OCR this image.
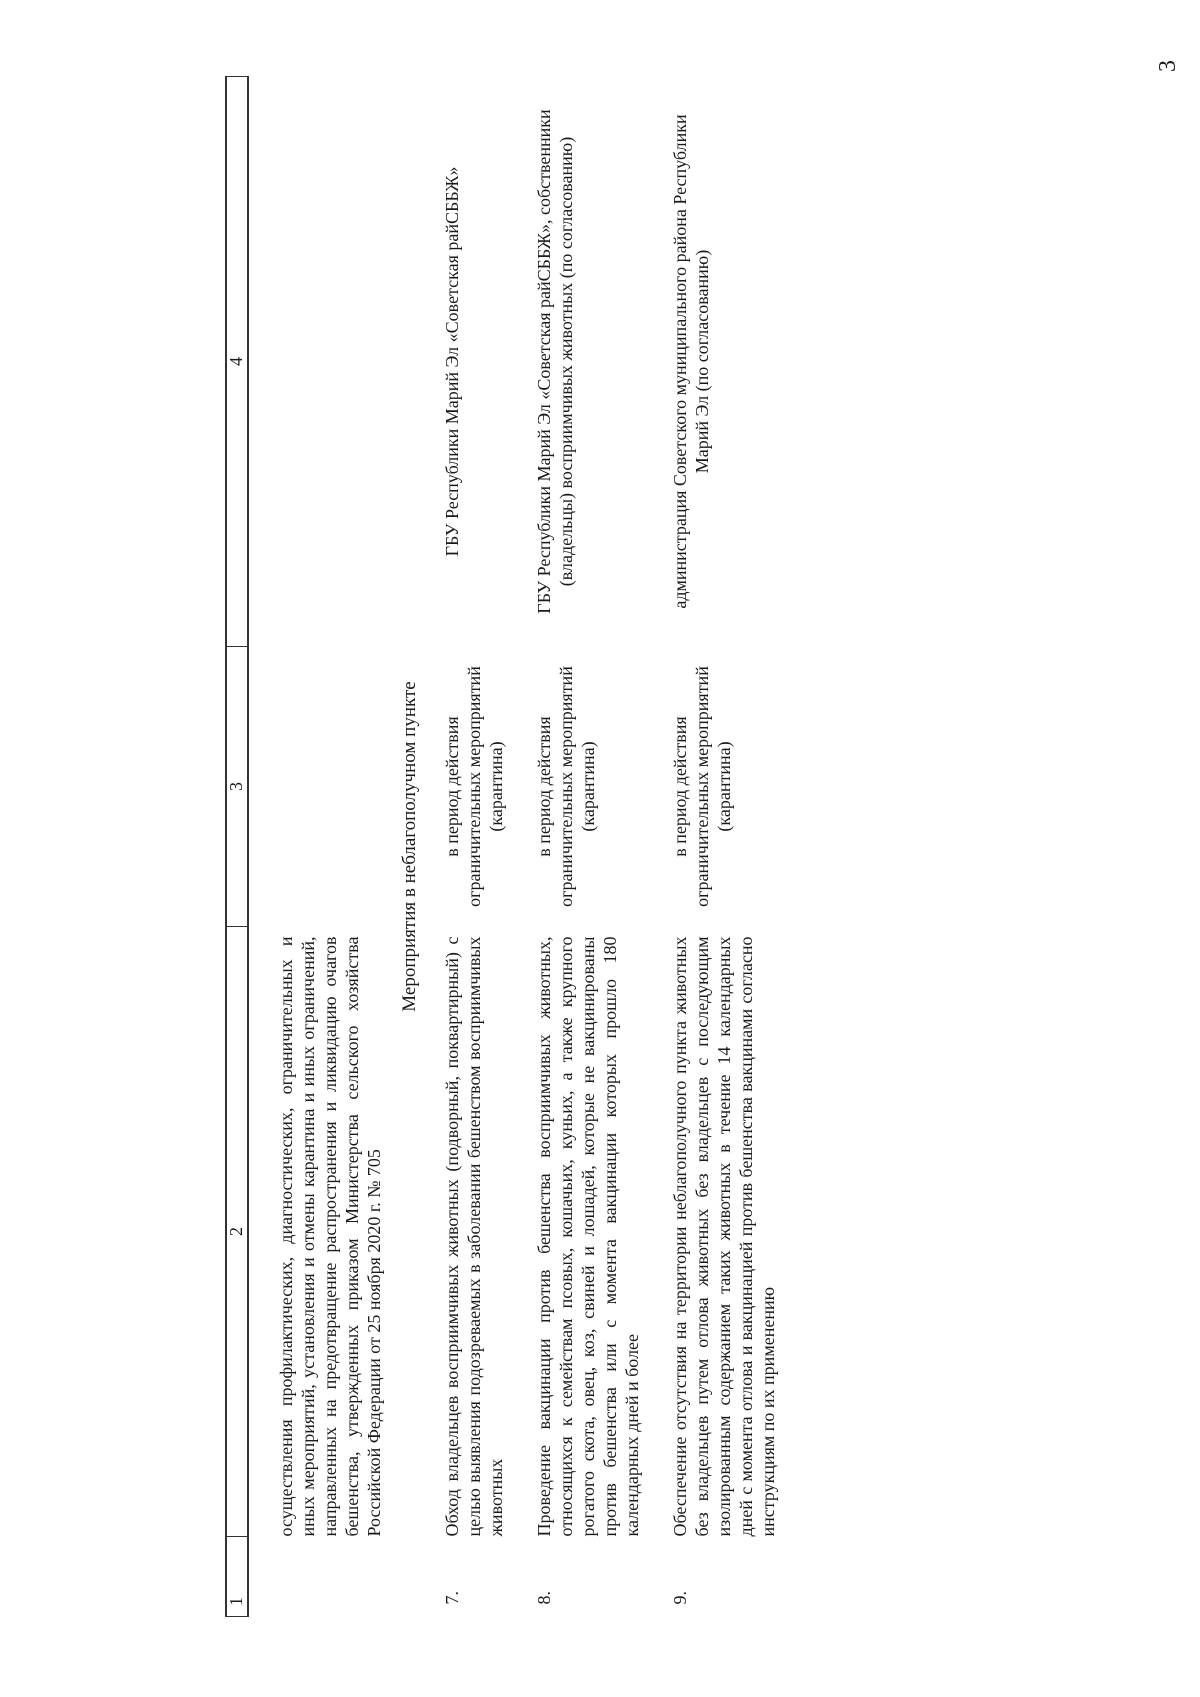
3
1	2	3	4

	осуществления профилактических, диагностических, ограничительных и иных мероприятий, установления и отмены карантина и иных ограничений, направленных на предотвращение распространения и ликвидацию очагов бешенства, утвержденных приказом Министерства сельского хозяйства Российской Федерации от 25 ноября 2020 г. № 705		
Мероприятия в неблагополучном пункте			
7.	Обход владельцев восприимчивых животных (подворный, поквартирный) с целью выявления подозреваемых в заболевании бешенством восприимчивых животных	в период действия ограничительных мероприятий (карантина)	ГБУ Республики Марий Эл «Советская райСББЖ»

8.	Проведение вакцинации против бешенства восприимчивых животных, относящихся к семействам псовых, кошачьих, куньих, а также крупного рогатого скота, овец, коз, свиней и лошадей, которые не вакцинированы против бешенства или с момента вакцинации которых прошло 180 календарных дней и более	в период действия ограничительных мероприятий (карантина)	ГБУ Республики Марий Эл «Советская райСББЖ», собственники (владельцы) восприимчивых животных (по согласованию)

9.	Обеспечение отсутствия на территории неблагополучного пункта животных без владельцев путем отлова животных без владельцев с последующим изолированным содержанием таких животных в течение 14 календарных дней с момента отлова и вакцинацией против бешенства вакцинами согласно инструкциям по их применению	в период действия ограничительных мероприятий (карантина)	администрация Советского муниципального района Республики Марий Эл (по согласованию)
